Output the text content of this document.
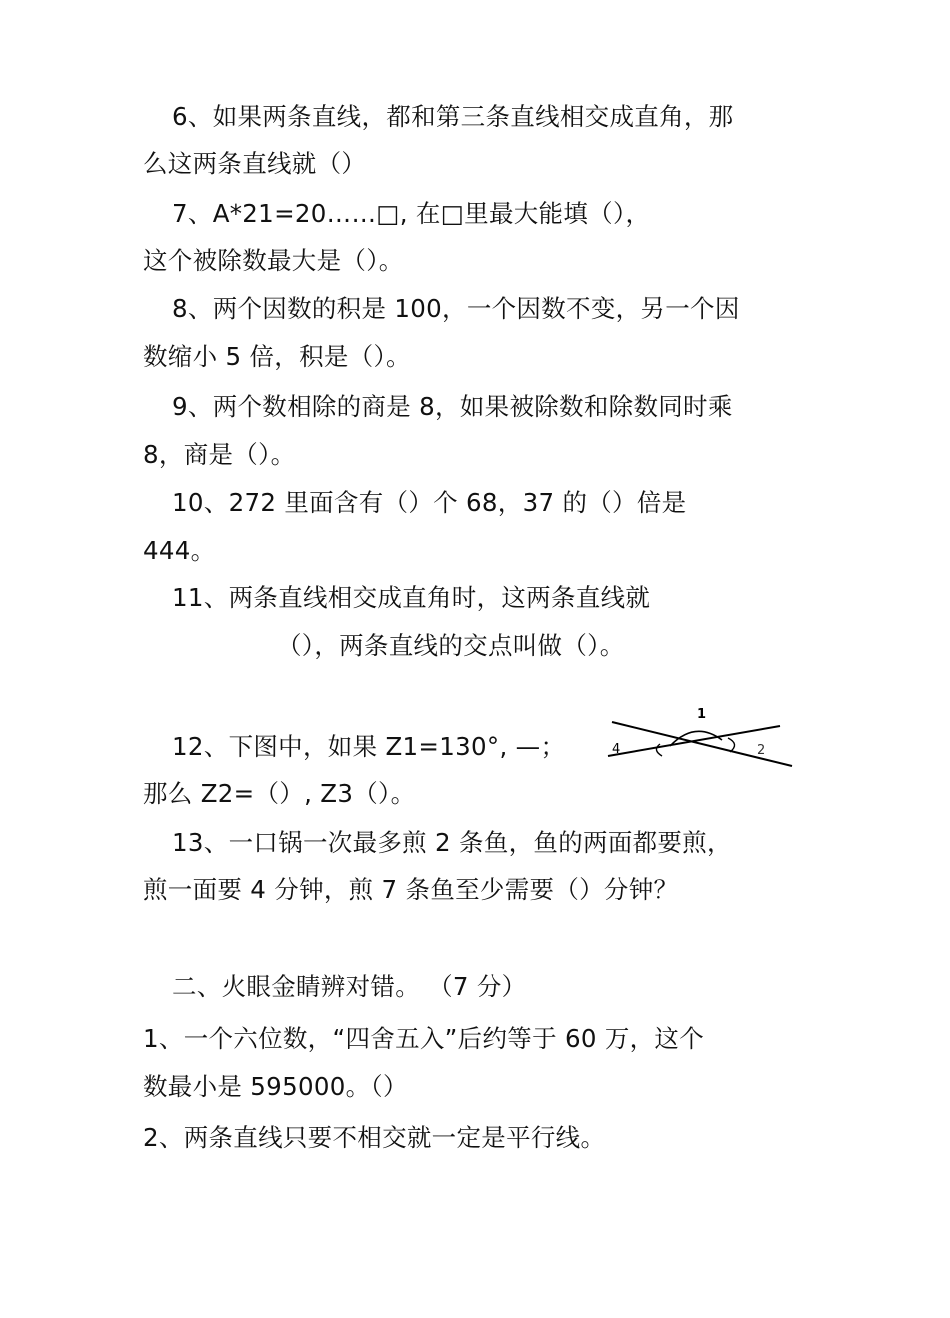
6、如果两条直线，都和第三条直线相交成直角，那
么这两条直线就（）
7、A*21=20……□, 在□里最大能填（），
这个被除数最大是（）。
8、两个因数的积是 100，一个因数不变，另一个因
数缩小 5 倍，积是（）。
9、两个数相除的商是 8，如果被除数和除数同时乘
8，商是（）。
10、272 里面含有（）个 68，37 的（）倍是
444。
11、两条直线相交成直角时，这两条直线就
（），两条直线的交点叫做（）。
12、下图中，如果 Z1=130°, —；
那么 Z2=（）, Z3（）。
1
4	2
13、一口锅一次最多煎 2 条鱼，鱼的两面都要煎，
煎一面要 4 分钟，煎 7 条鱼至少需要（）分钟？
二、火眼金睛辨对错。 （7 分）
1、一个六位数，“四舍五入”后约等于 60 万，这个
数最小是 595000。（）
2、两条直线只要不相交就一定是平行线。
